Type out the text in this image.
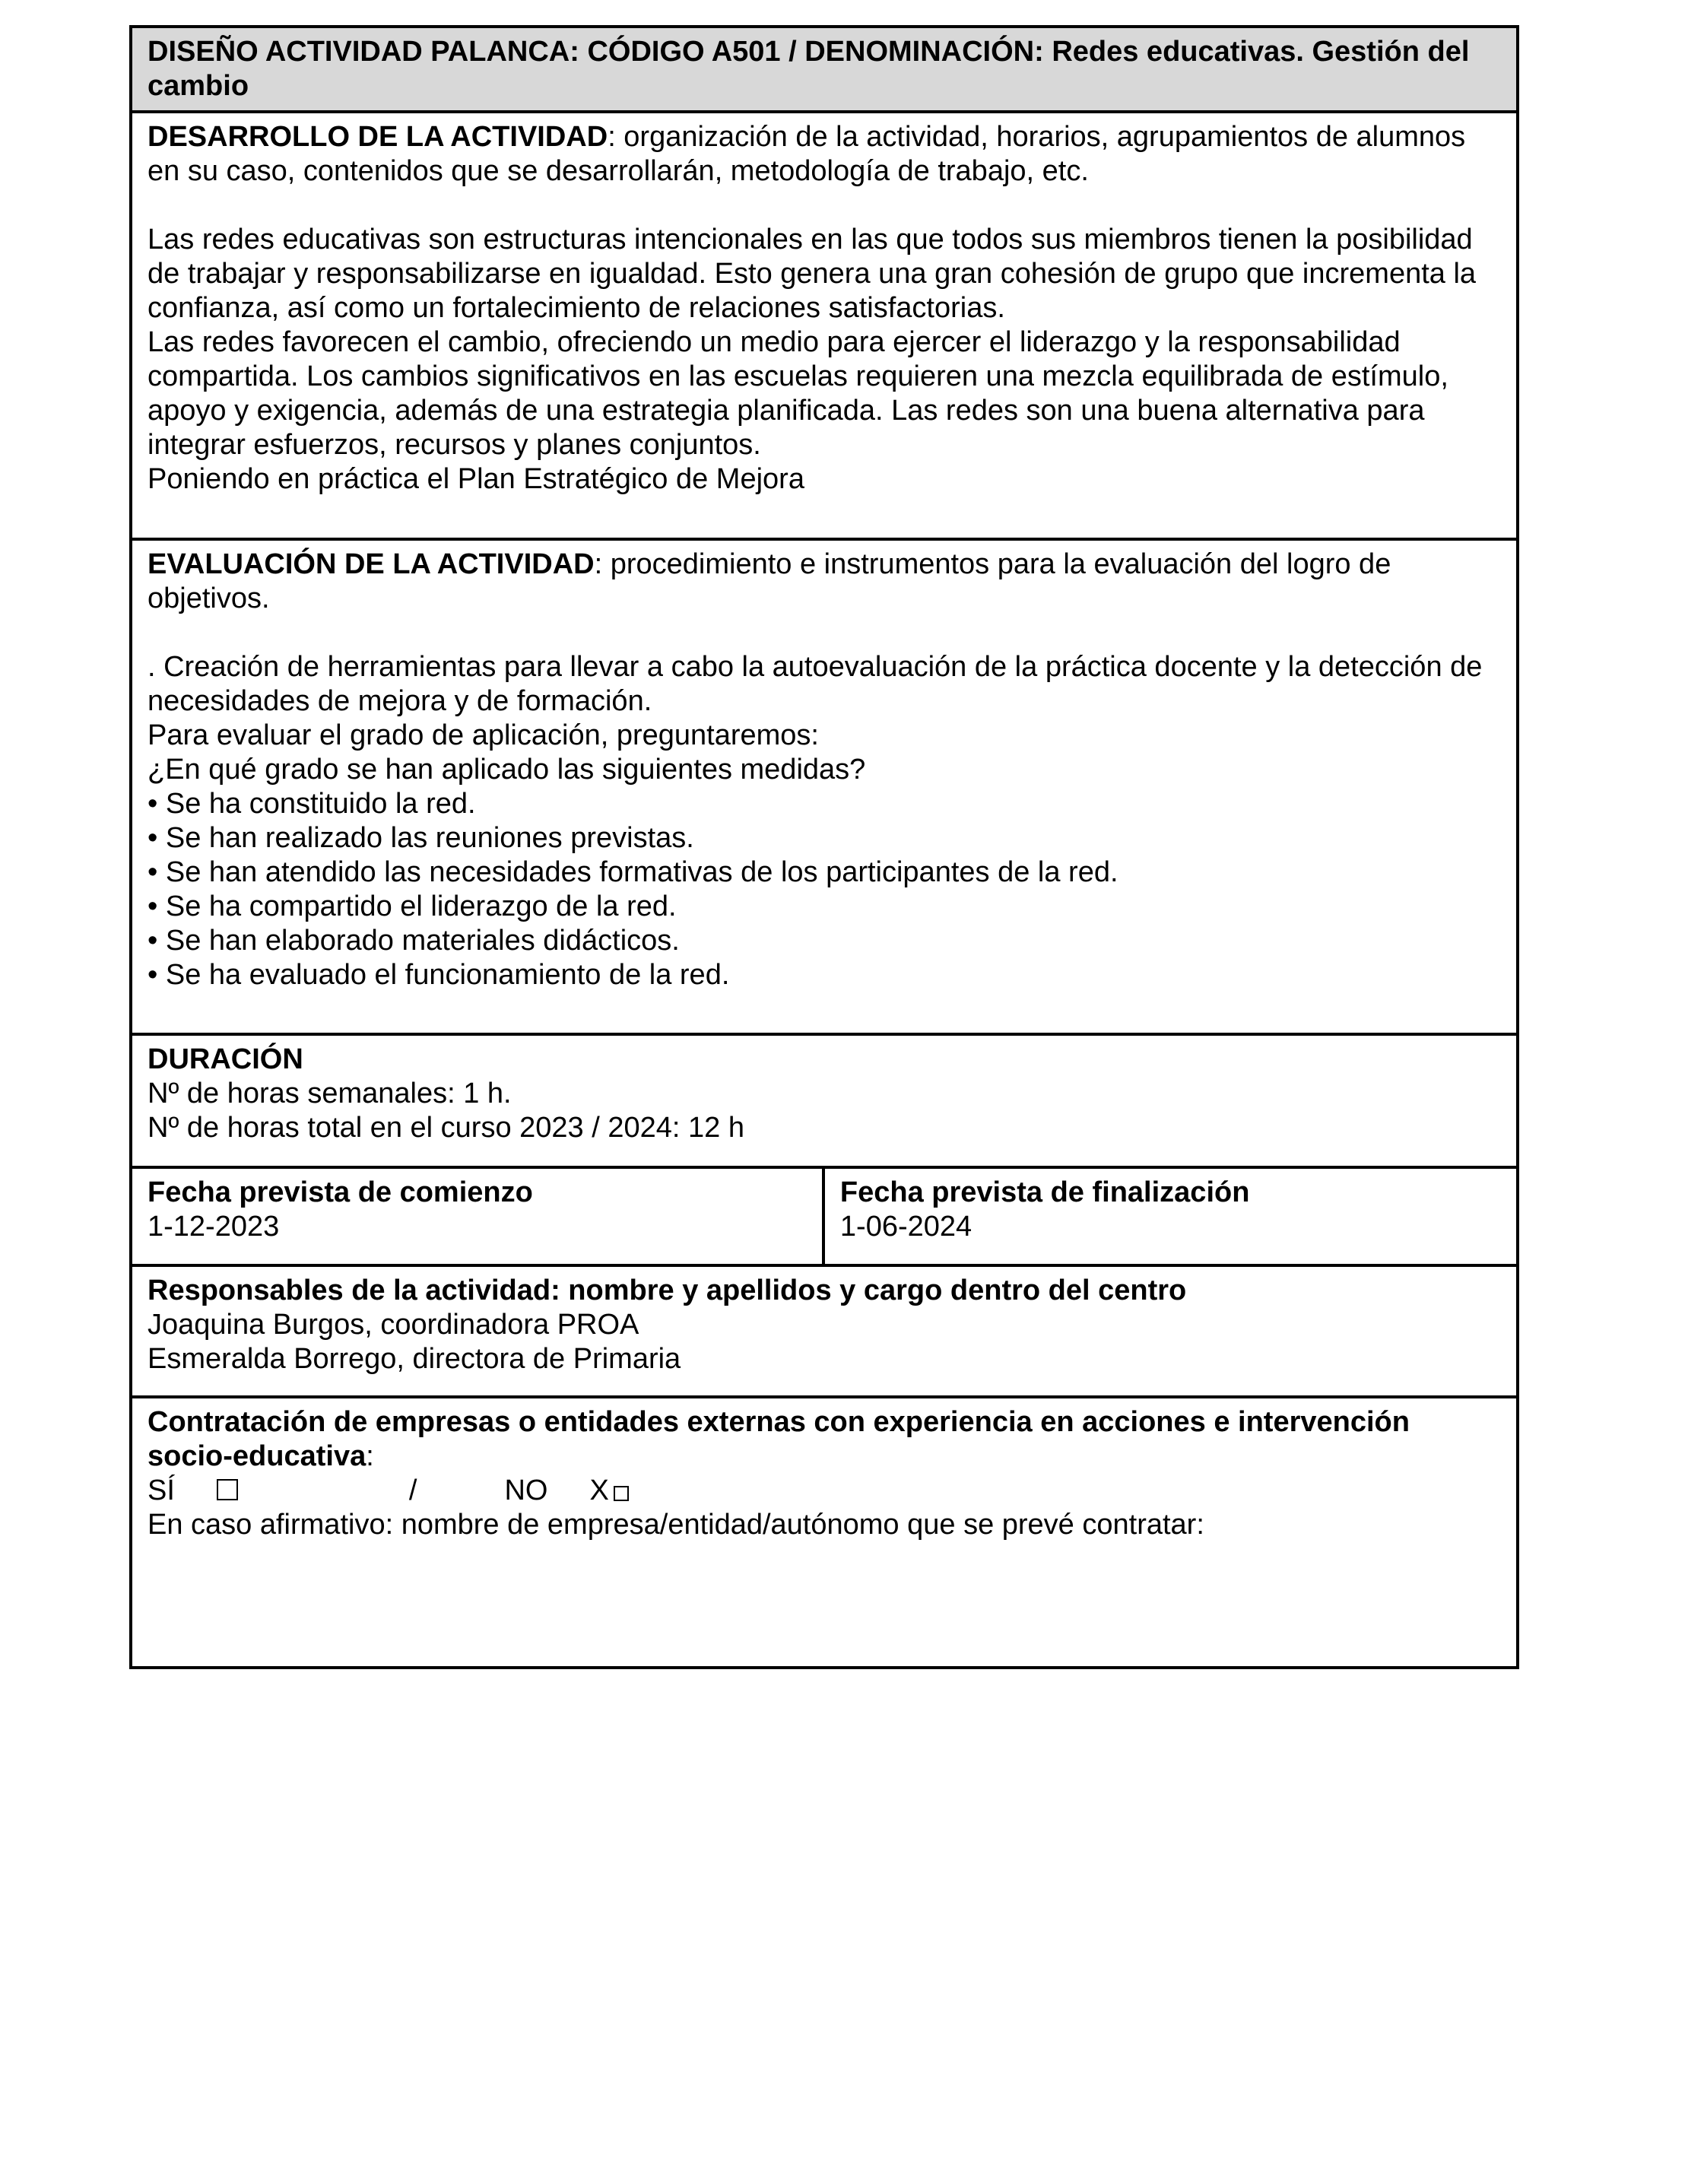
DISEÑO ACTIVIDAD PALANCA: CÓDIGO A501 / DENOMINACIÓN: Redes educativas. Gestión del cambio
DESARROLLO DE LA ACTIVIDAD: organización de la actividad, horarios, agrupamientos de alumnos en su caso, contenidos que se desarrollarán, metodología de trabajo, etc.
Las redes educativas son estructuras intencionales en las que todos sus miembros tienen la posibilidad de trabajar y responsabilizarse en igualdad. Esto genera una gran cohesión de grupo que incrementa la confianza, así como un fortalecimiento de relaciones satisfactorias.
Las redes favorecen el cambio, ofreciendo un medio para ejercer el liderazgo y la responsabilidad compartida. Los cambios significativos en las escuelas requieren una mezcla equilibrada de estímulo, apoyo y exigencia, además de una estrategia planificada. Las redes son una buena alternativa para integrar esfuerzos, recursos y planes conjuntos.
Poniendo en práctica el Plan Estratégico de Mejora
EVALUACIÓN DE LA ACTIVIDAD: procedimiento e instrumentos para la evaluación del logro de objetivos.
. Creación de herramientas para llevar a cabo la autoevaluación de la práctica docente y la detección de necesidades de mejora y de formación.
Para evaluar el grado de aplicación, preguntaremos:
¿En qué grado se han aplicado las siguientes medidas?
• Se ha constituido la red.
• Se han realizado las reuniones previstas.
• Se han atendido las necesidades formativas de los participantes de la red.
• Se ha compartido el liderazgo de la red.
• Se han elaborado materiales didácticos.
• Se ha evaluado el funcionamiento de la red.
DURACIÓN
Nº de horas semanales: 1 h.
Nº de horas total en el curso 2023 / 2024: 12 h
Fecha prevista de comienzo
1-12-2023
Fecha prevista de finalización
1-06-2024
Responsables de la actividad: nombre y apellidos y cargo dentro del centro
Joaquina Burgos, coordinadora PROA
Esmeralda Borrego, directora de Primaria
Contratación de empresas o entidades externas con experiencia en acciones e intervención socio-educativa:
SÍ	/	NO X
En caso afirmativo: nombre de empresa/entidad/autónomo que se prevé contratar:
